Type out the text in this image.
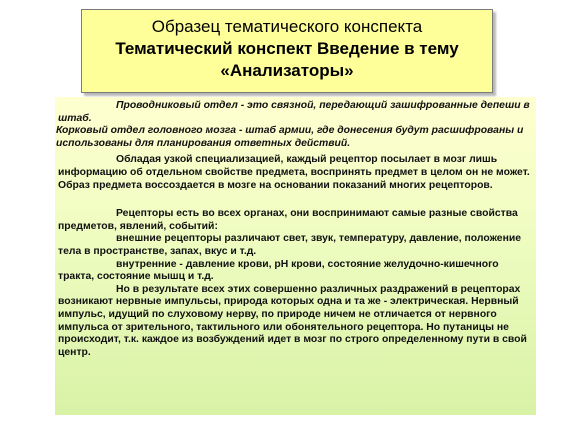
Образец тематического конспекта
Тематический конспект Введение в тему
«Анализаторы»

Проводниковый отдел - это связной, передающий зашифрованные депеши в штаб.

Корковый отдел головного мозга - штаб армии, где донесения будут расшифрованы и использованы для планирования ответных действий.

Обладая узкой специализацией, каждый рецептор посылает в мозг лишь информацию об отдельном свойстве предмета, воспринять предмет в целом он не может. Образ предмета воссоздается в мозге на основании показаний многих рецепторов.

Рецепторы есть во всех органах, они воспринимают самые разные свойства предметов, явлений, событий:

внешние рецепторы различают свет, звук, температуру, давление, положение тела в пространстве, запах, вкус и т.д.

внутренние - давление крови, рН крови, состояние желудочно-кишечного тракта, состояние мышц и т.д.

Но в результате всех этих совершенно различных раздражений в рецепторах возникают нервные импульсы, природа которых одна и та же - электрическая. Нервный импульс, идущий по слуховому нерву, по природе ничем не отличается от нервного импульса от зрительного, тактильного или обонятельного рецептора. Но путаницы не происходит, т.к. каждое из возбуждений идет в мозг по строго определенному пути в свой центр.
